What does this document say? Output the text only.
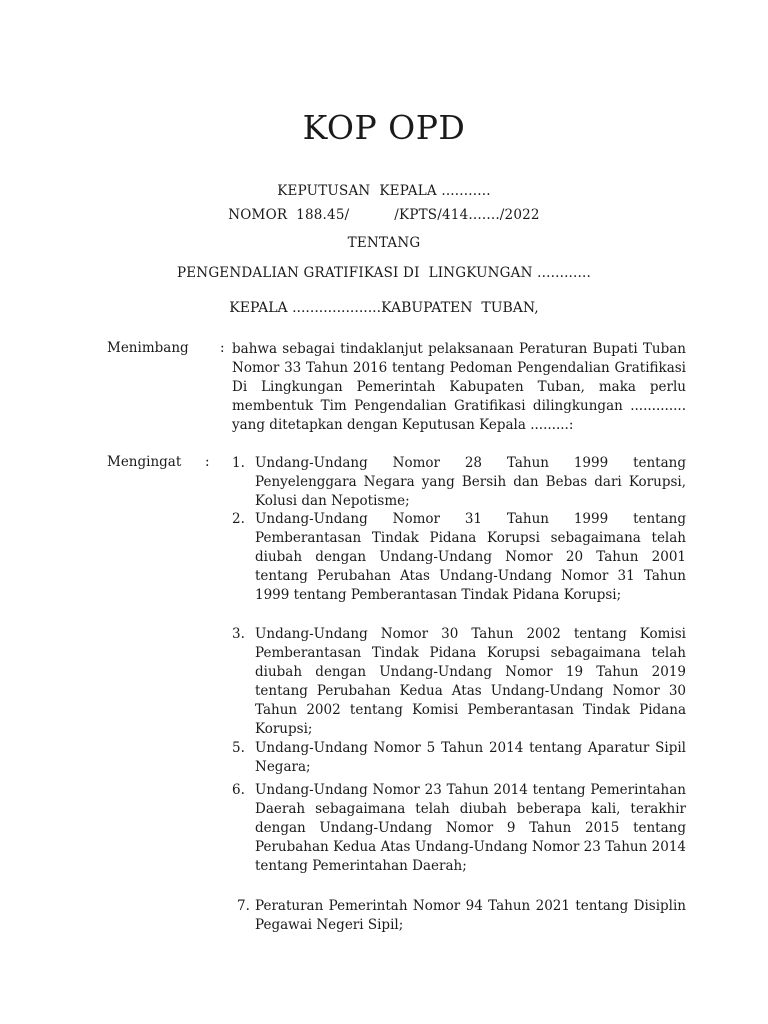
KOP OPD
KEPUTUSAN  KEPALA ...........
NOMOR  188.45/          /KPTS/414......./2022
TENTANG
PENGENDALIAN GRATIFIKASI DI  LINGKUNGAN ............
KEPALA ....................KABUPATEN  TUBAN,
Menimbang : bahwa sebagai tindaklanjut pelaksanaan Peraturan Bupati Tuban Nomor 33 Tahun 2016 tentang Pedoman Pengendalian Gratifikasi Di Lingkungan Pemerintah Kabupaten Tuban, maka perlu membentuk Tim Pengendalian Gratifikasi dilingkungan ............. yang ditetapkan dengan Keputusan Kepala .........:
Mengingat : 1. Undang-Undang Nomor 28 Tahun 1999 tentang Penyelenggara Negara yang Bersih dan Bebas dari Korupsi, Kolusi dan Nepotisme;
2. Undang-Undang Nomor 31 Tahun 1999 tentang Pemberantasan Tindak Pidana Korupsi sebagaimana telah diubah dengan Undang-Undang Nomor 20 Tahun 2001 tentang Perubahan Atas Undang-Undang Nomor 31 Tahun 1999 tentang Pemberantasan Tindak Pidana Korupsi;
3. Undang-Undang Nomor 30 Tahun 2002 tentang Komisi Pemberantasan Tindak Pidana Korupsi sebagaimana telah diubah dengan Undang-Undang Nomor 19 Tahun 2019 tentang Perubahan Kedua Atas Undang-Undang Nomor 30 Tahun 2002 tentang Komisi Pemberantasan Tindak Pidana Korupsi;
5. Undang-Undang Nomor 5 Tahun 2014 tentang Aparatur Sipil Negara;
6. Undang-Undang Nomor 23 Tahun 2014 tentang Pemerintahan Daerah sebagaimana telah diubah beberapa kali, terakhir dengan Undang-Undang Nomor 9 Tahun 2015 tentang Perubahan Kedua Atas Undang-Undang Nomor 23 Tahun 2014 tentang Pemerintahan Daerah;
7. Peraturan Pemerintah Nomor 94 Tahun 2021 tentang Disiplin Pegawai Negeri Sipil;
